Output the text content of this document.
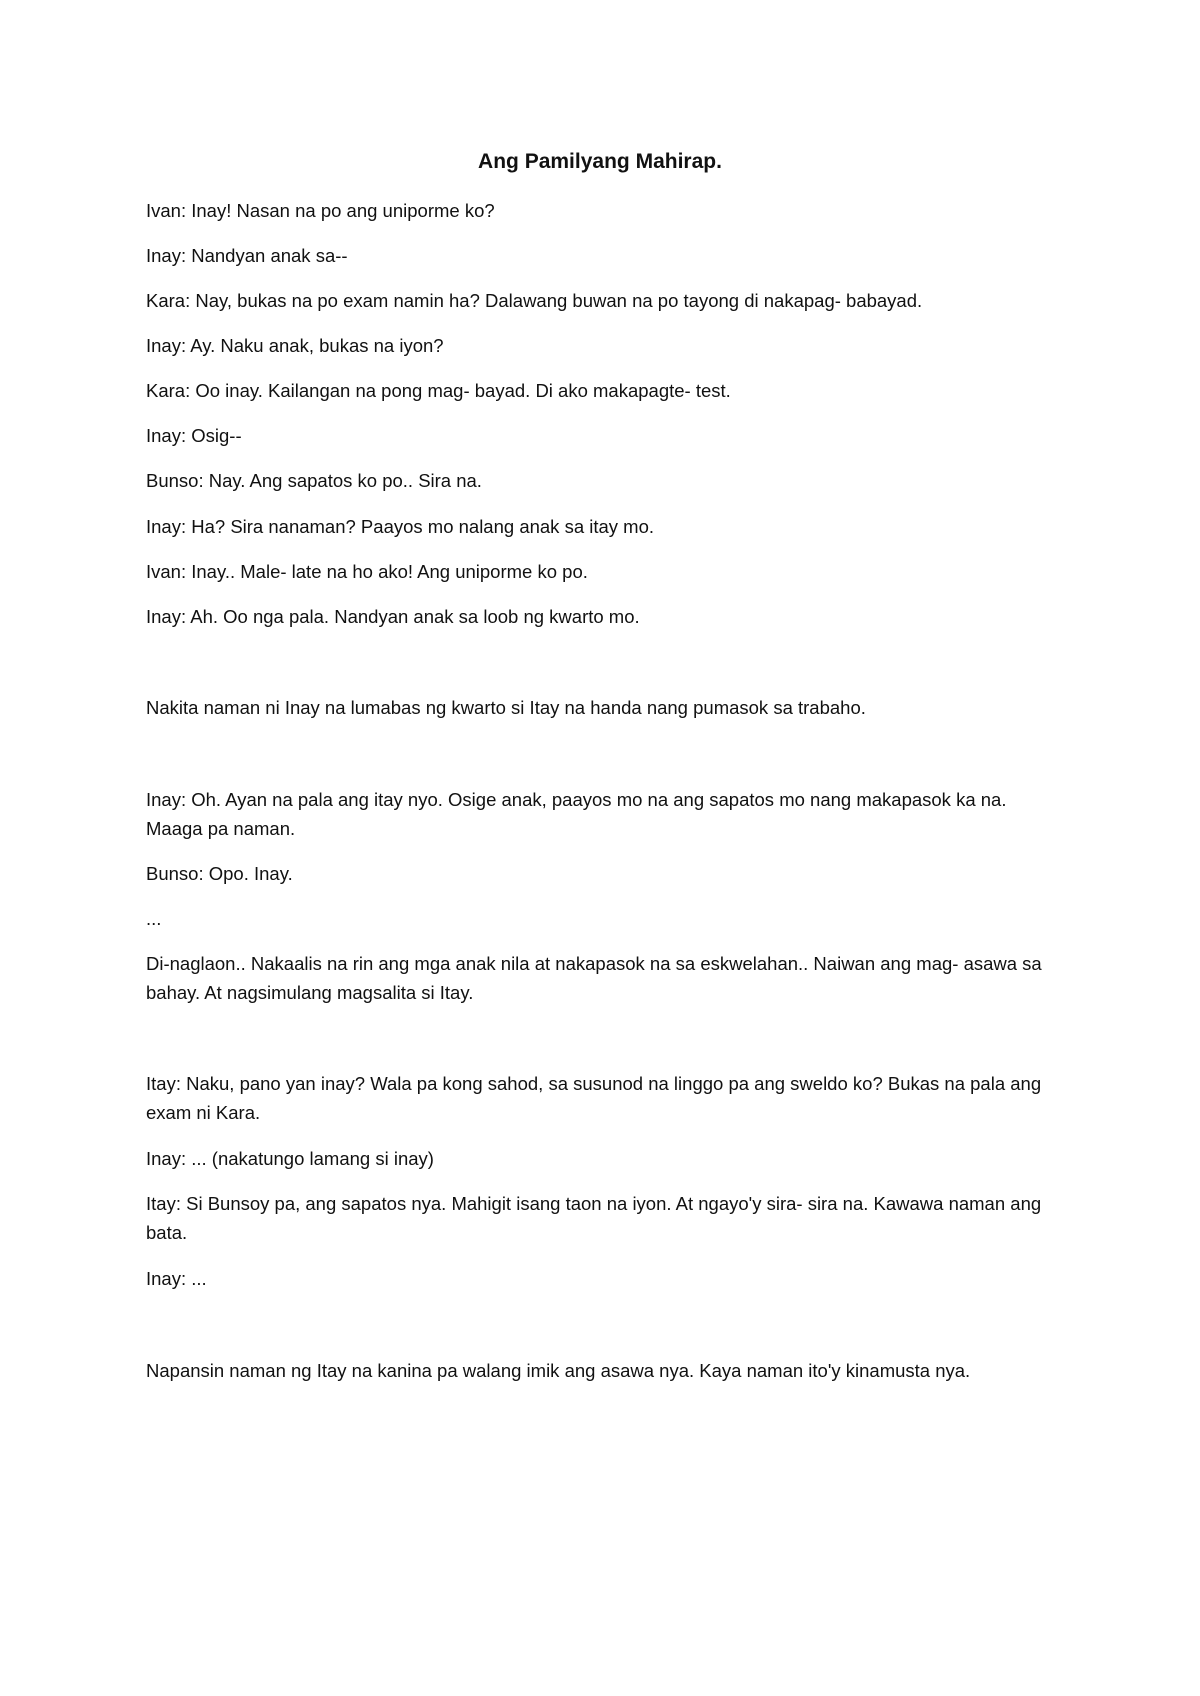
Ang Pamilyang Mahirap.

Ivan: Inay! Nasan na po ang uniporme ko?

Inay: Nandyan anak sa--

Kara: Nay, bukas na po exam namin ha? Dalawang buwan na po tayong di nakapag- babayad.

Inay: Ay. Naku anak, bukas na iyon?

Kara: Oo inay. Kailangan na pong mag- bayad. Di ako makapagte- test.

Inay: Osig--

Bunso: Nay. Ang sapatos ko po.. Sira na.

Inay: Ha? Sira nanaman? Paayos mo nalang anak sa itay mo.

Ivan: Inay.. Male- late na ho ako! Ang uniporme ko po.

Inay: Ah. Oo nga pala. Nandyan anak sa loob ng kwarto mo.

Nakita naman ni Inay na lumabas ng kwarto si Itay na handa nang pumasok sa trabaho.

Inay: Oh. Ayan na pala ang itay nyo. Osige anak, paayos mo na ang sapatos mo nang makapasok ka na. Maaga pa naman.

Bunso: Opo. Inay.

...

Di-naglaon.. Nakaalis na rin ang mga anak nila at nakapasok na sa eskwelahan.. Naiwan ang mag- asawa sa bahay. At nagsimulang magsalita si Itay.

Itay: Naku, pano yan inay? Wala pa kong sahod, sa susunod na linggo pa ang sweldo ko? Bukas na pala ang exam ni Kara.

Inay: ... (nakatungo lamang si inay)

Itay: Si Bunsoy pa, ang sapatos nya. Mahigit isang taon na iyon. At ngayo'y sira- sira na. Kawawa naman ang bata.

Inay: ...

Napansin naman ng Itay na kanina pa walang imik ang asawa nya. Kaya naman ito'y kinamusta nya.
